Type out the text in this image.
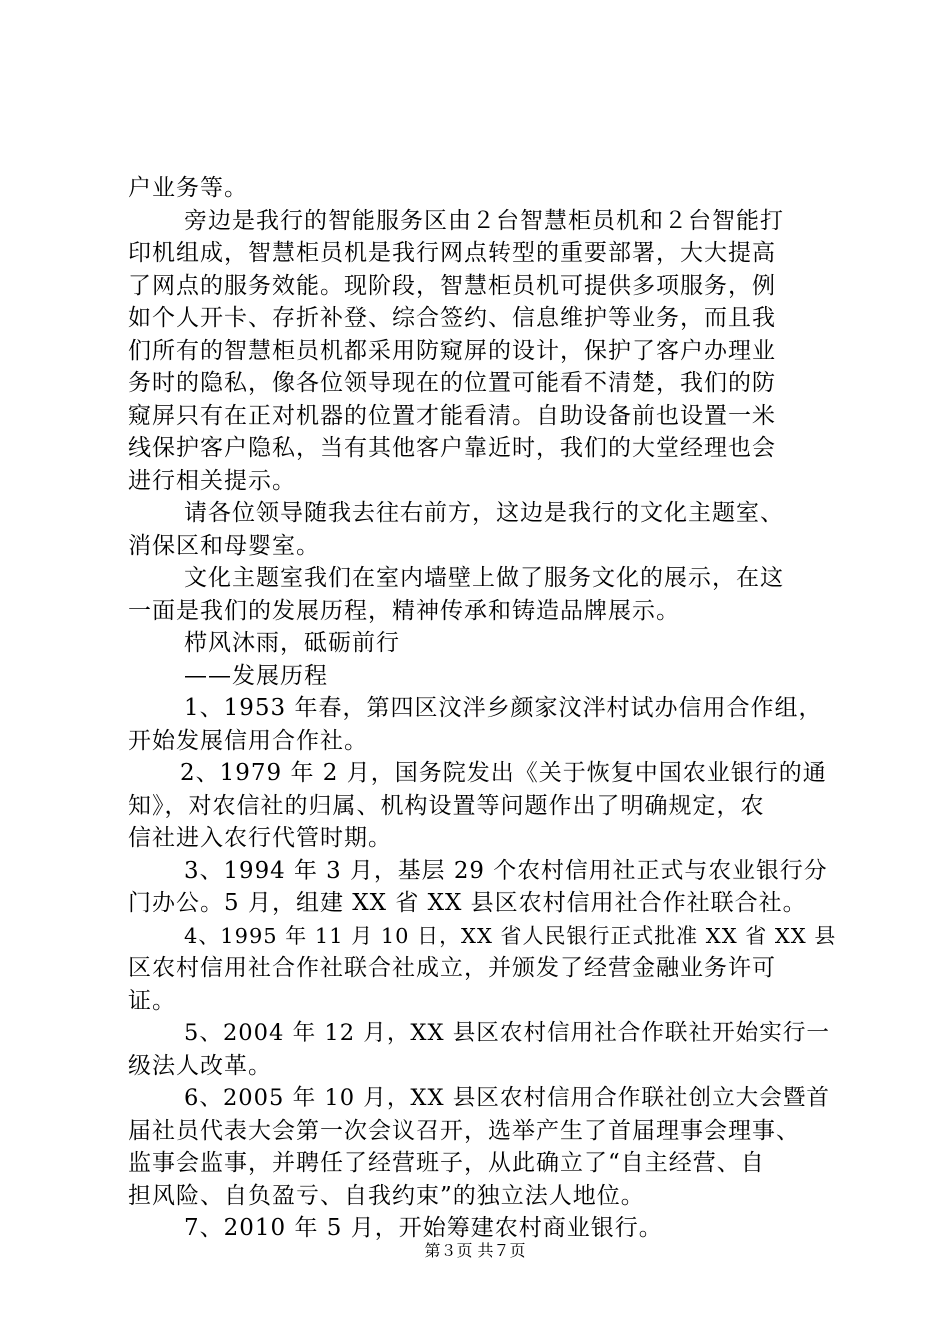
户业务等。
旁边是我行的智能服务区由２台智慧柜员机和２台智能打
印机组成，智慧柜员机是我行网点转型的重要部署，大大提高
了网点的服务效能。现阶段，智慧柜员机可提供多项服务，例
如个人开卡、存折补登、综合签约、信息维护等业务，而且我
们所有的智慧柜员机都采用防窥屏的设计，保护了客户办理业
务时的隐私，像各位领导现在的位置可能看不清楚，我们的防
窥屏只有在正对机器的位置才能看清。自助设备前也设置一米
线保护客户隐私，当有其他客户靠近时，我们的大堂经理也会
进行相关提示。
请各位领导随我去往右前方，这边是我行的文化主题室、
消保区和母婴室。
文化主题室我们在室内墙壁上做了服务文化的展示，在这
一面是我们的发展历程，精神传承和铸造品牌展示。
栉风沐雨，砥砺前行
——发展历程
1、1953 年春，第四区汶泮乡颜家汶泮村试办信用合作组，
开始发展信用合作社。
2、1979 年 2 月，国务院发出《关于恢复中国农业银行的通
知》，对农信社的归属、机构设置等问题作出了明确规定，农
信社进入农行代管时期。
3、1994 年 3 月，基层 29 个农村信用社正式与农业银行分
门办公。5 月，组建 XX 省 XX 县区农村信用社合作社联合社。
4、1995 年 11 月 10 日，XX 省人民银行正式批准 XX 省 XX 县
区农村信用社合作社联合社成立，并颁发了经营金融业务许可
证。
5、2004 年 12 月，XX 县区农村信用社合作联社开始实行一
级法人改革。
6、2005 年 10 月，XX 县区农村信用合作联社创立大会暨首
届社员代表大会第一次会议召开，选举产生了首届理事会理事、
监事会监事，并聘任了经营班子，从此确立了“自主经营、自
担风险、自负盈亏、自我约束”的独立法人地位。
7、2010 年 5 月，开始筹建农村商业银行。
第３页 共７页
